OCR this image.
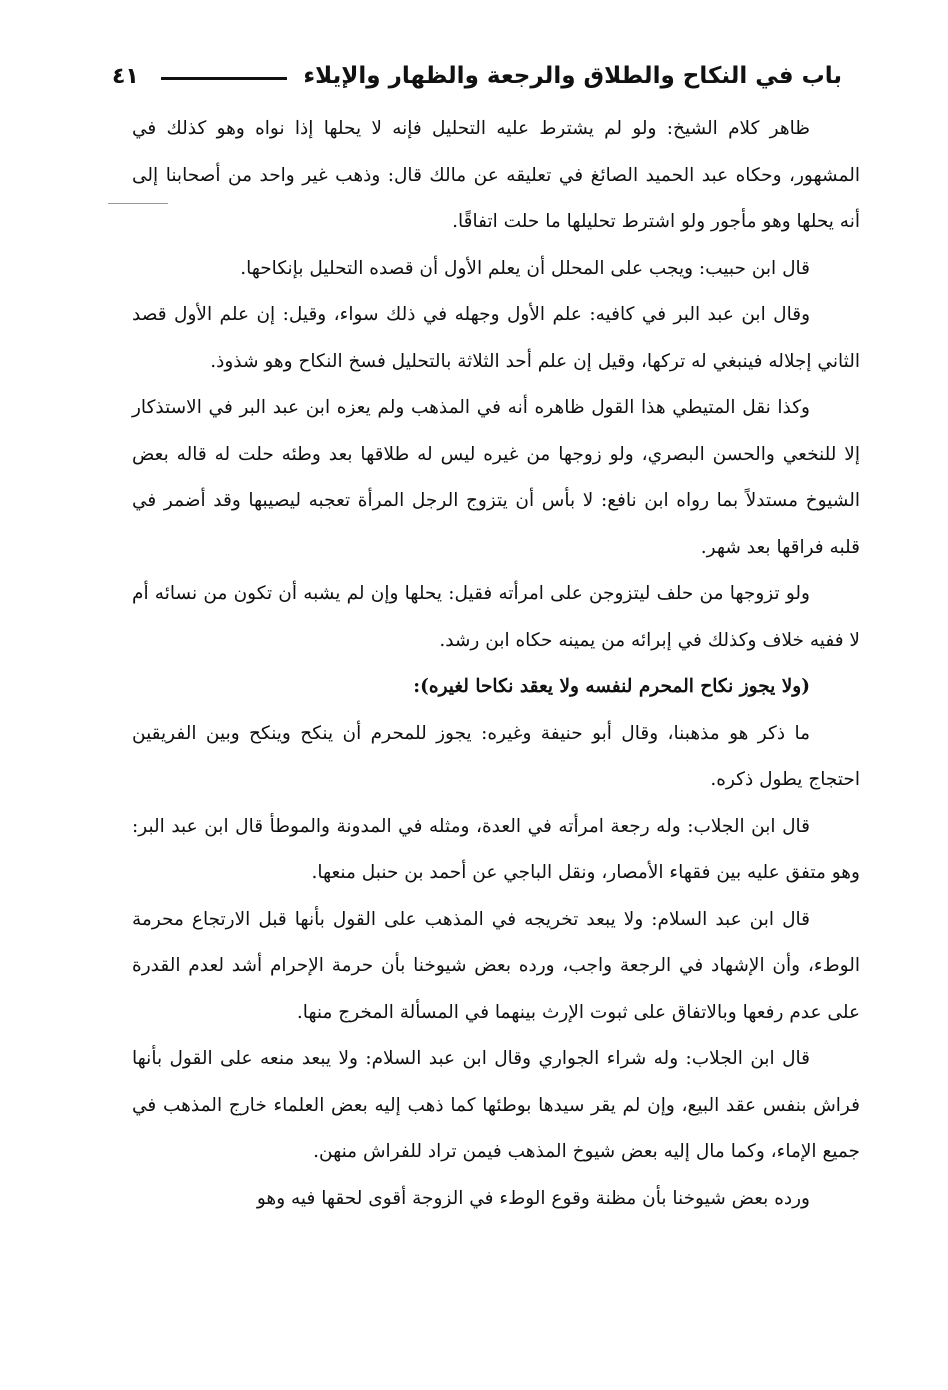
باب في النكاح والطلاق والرجعة والظهار والإيلاء
٤١

ظاهر كلام الشيخ: ولو لم يشترط عليه التحليل فإنه لا يحلها إذا نواه وهو كذلك في المشهور، وحكاه عبد الحميد الصائغ في تعليقه عن مالك قال: وذهب غير واحد من أصحابنا إلى أنه يحلها وهو مأجور ولو اشترط تحليلها ما حلت اتفاقًا.

قال ابن حبيب: ويجب على المحلل أن يعلم الأول أن قصده التحليل بإنكاحها.

وقال ابن عبد البر في كافيه: علم الأول وجهله في ذلك سواء، وقيل: إن علم الأول قصد الثاني إجلاله فينبغي له تركها، وقيل إن علم أحد الثلاثة بالتحليل فسخ النكاح وهو شذوذ.

وكذا نقل المتيطي هذا القول ظاهره أنه في المذهب ولم يعزه ابن عبد البر في الاستذكار إلا للنخعي والحسن البصري، ولو زوجها من غيره ليس له طلاقها بعد وطئه حلت له قاله بعض الشيوخ مستدلاً بما رواه ابن نافع: لا بأس أن يتزوج الرجل المرأة تعجبه ليصيبها وقد أضمر في قلبه فراقها بعد شهر.

ولو تزوجها من حلف ليتزوجن على امرأته فقيل: يحلها وإن لم يشبه أن تكون من نسائه أم لا ففيه خلاف وكذلك في إبرائه من يمينه حكاه ابن رشد.

(ولا يجوز نكاح المحرم لنفسه ولا يعقد نكاحا لغيره):

ما ذكر هو مذهبنا، وقال أبو حنيفة وغيره: يجوز للمحرم أن ينكح وينكح وبين الفريقين احتجاج يطول ذكره.

قال ابن الجلاب: وله رجعة امرأته في العدة، ومثله في المدونة والموطأ قال ابن عبد البر: وهو متفق عليه بين فقهاء الأمصار، ونقل الباجي عن أحمد بن حنبل منعها.

قال ابن عبد السلام: ولا يبعد تخريجه في المذهب على القول بأنها قبل الارتجاع محرمة الوطء، وأن الإشهاد في الرجعة واجب، ورده بعض شيوخنا بأن حرمة الإحرام أشد لعدم القدرة على عدم رفعها وبالاتفاق على ثبوت الإرث بينهما في المسألة المخرج منها.

قال ابن الجلاب: وله شراء الجواري وقال ابن عبد السلام: ولا يبعد منعه على القول بأنها فراش بنفس عقد البيع، وإن لم يقر سيدها بوطئها كما ذهب إليه بعض العلماء خارج المذهب في جميع الإماء، وكما مال إليه بعض شيوخ المذهب فيمن تراد للفراش منهن.

ورده بعض شيوخنا بأن مظنة وقوع الوطء في الزوجة أقوى لحقها فيه وهو
